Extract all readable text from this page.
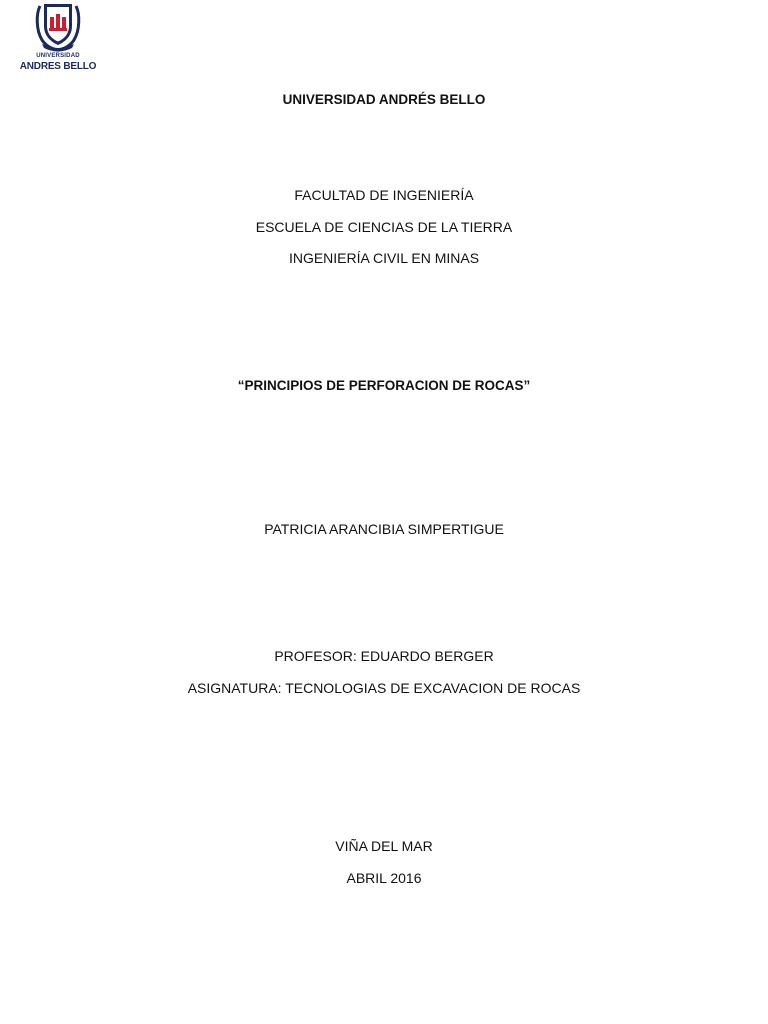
UNIVERSIDAD
ANDRES BELLO
UNIVERSIDAD ANDRÉS BELLO
FACULTAD DE INGENIERÍA
ESCUELA DE CIENCIAS DE LA TIERRA
INGENIERÍA CIVIL EN MINAS
“PRINCIPIOS DE PERFORACION DE ROCAS”
PATRICIA ARANCIBIA SIMPERTIGUE
PROFESOR: EDUARDO BERGER
ASIGNATURA: TECNOLOGIAS DE EXCAVACION DE ROCAS
VIÑA DEL MAR
ABRIL 2016
